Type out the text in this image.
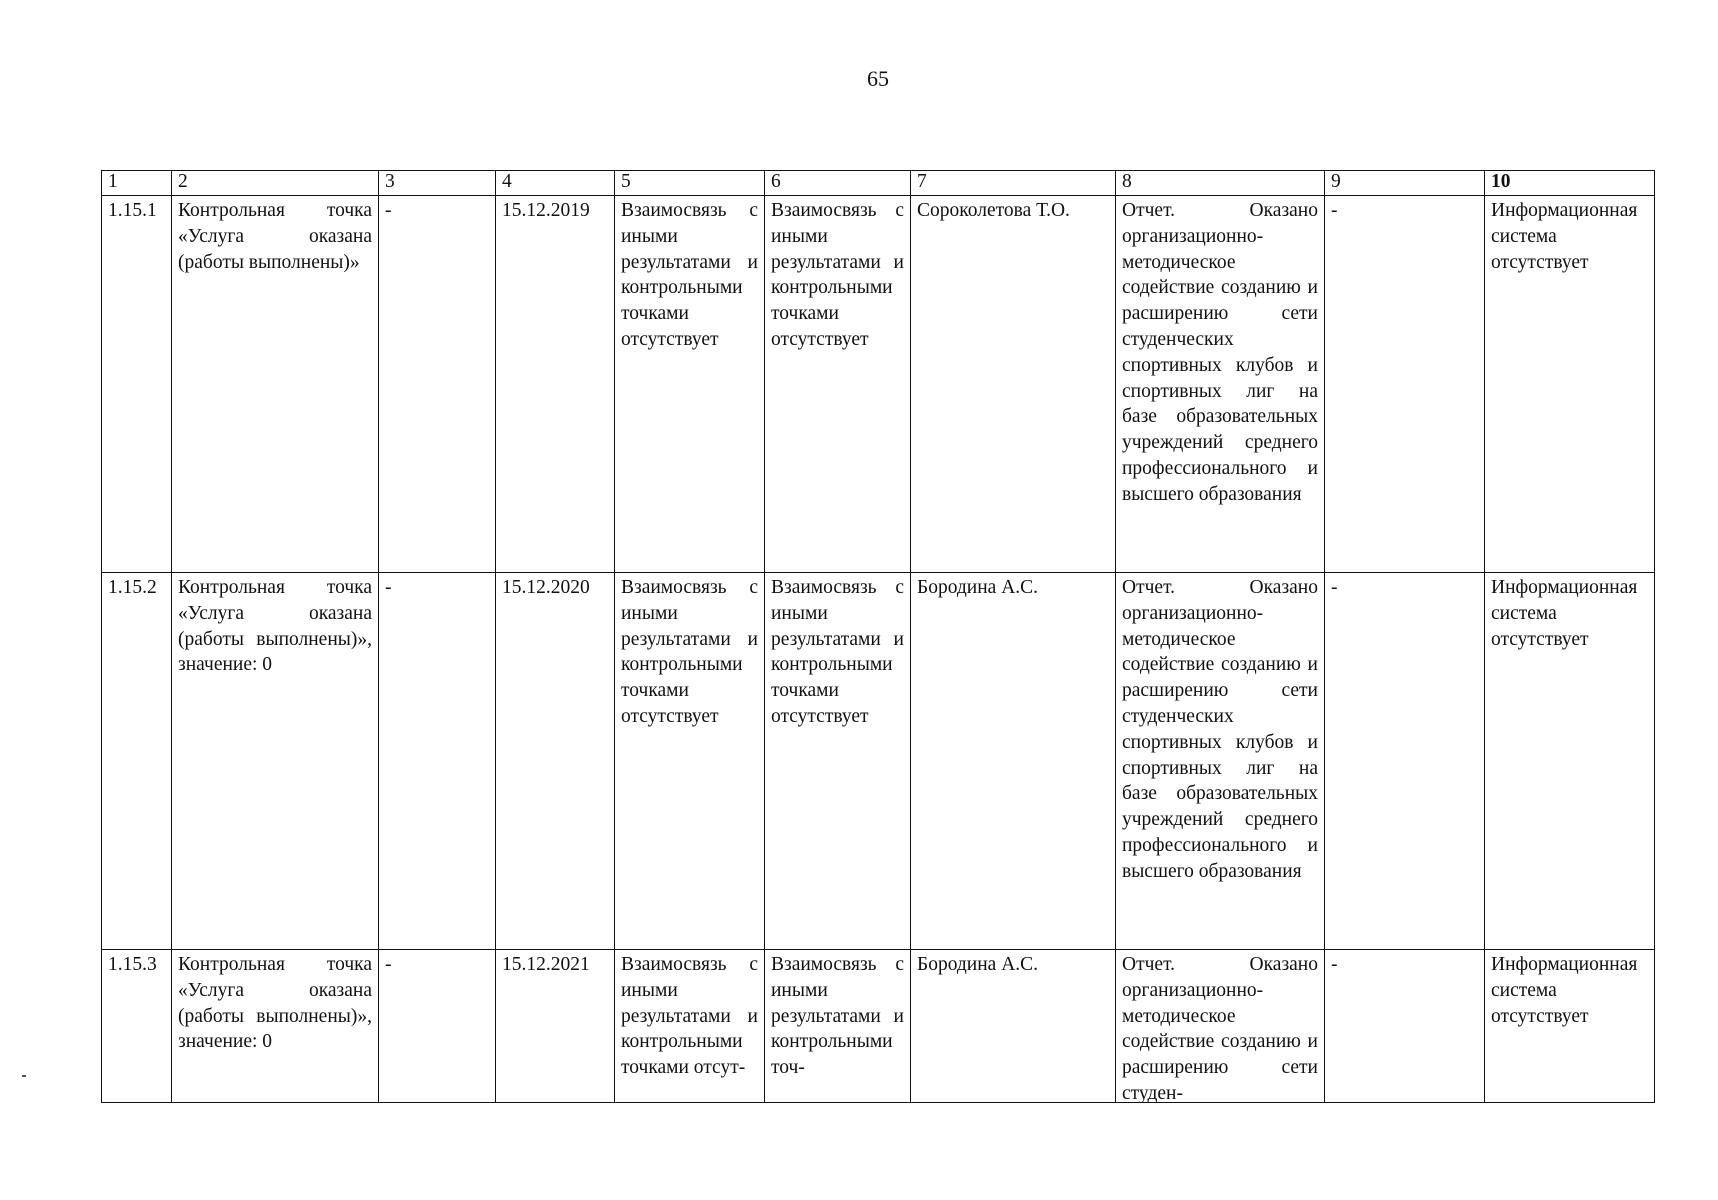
65
1	2	3	4	5	6	7	8	9	10
1.15.1	Контрольная точка «Услуга оказана (работы выполнены)»	-	15.12.2019	Взаимосвязь с иными результатами и контрольными точками отсутствует	Взаимосвязь с иными результатами и контрольными точками отсутствует	Сороколетова Т.О.	Отчет. Оказано организационно-методическое содействие созданию и расширению сети студенческих спортивных клубов и спортивных лиг на базе образовательных учреждений среднего профессионального и высшего образования	-	Информационная система отсутствует
1.15.2	Контрольная точка «Услуга оказана (работы выполнены)», значение: 0	-	15.12.2020	Взаимосвязь с иными результатами и контрольными точками отсутствует	Взаимосвязь с иными результатами и контрольными точками отсутствует	Бородина А.С.	Отчет. Оказано организационно-методическое содействие созданию и расширению сети студенческих спортивных клубов и спортивных лиг на базе образовательных учреждений среднего профессионального и высшего образования	-	Информационная система отсутствует
1.15.3	Контрольная точка «Услуга оказана (работы выполнены)», значение: 0	-	15.12.2021	Взаимосвязь с иными результатами и контрольными точками отсут-	Взаимосвязь с иными результатами и контрольными точ-	Бородина А.С.	Отчет. Оказано организационно-методическое содействие созданию и расширению сети студен-	-	Информационная система отсутствует
